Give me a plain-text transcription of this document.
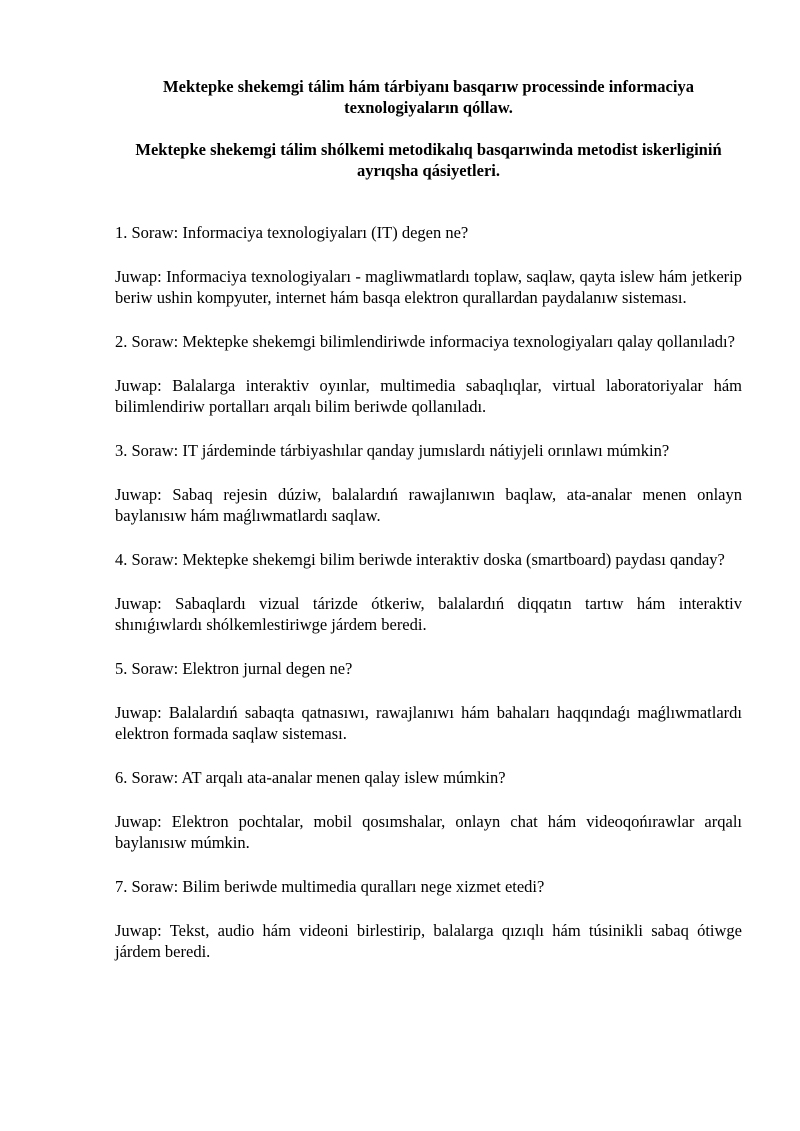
Mektepke shekemgi tálim hám tárbiyanı basqarıw processinde informaciya texnologiyaların qóllaw.

Mektepke shekemgi tálim shólkemi metodikalıq basqarıwinda metodist iskerliginiń ayrıqsha qásiyetleri.

1. Soraw: Informaciya texnologiyaları (IT) degen ne?

Juwap: Informaciya texnologiyaları - magliwmatlardı toplaw, saqlaw, qayta islew hám jetkerip beriw ushin kompyuter, internet hám basqa elektron qurallardan paydalanıw sisteması.

2. Soraw: Mektepke shekemgi bilimlendiriwde informaciya texnologiyaları qalay qollanıladı?

Juwap: Balalarga interaktiv oyınlar, multimedia sabaqlıqlar, virtual laboratoriyalar hám bilimlendiriw portalları arqalı bilim beriwde qollanıladı.

3. Soraw: IT járdeminde tárbiyashılar qanday jumıslardı nátiyjeli orınlawı múmkin?

Juwap: Sabaq rejesin dúziw, balalardıń rawajlanıwın baqlaw, ata-analar menen onlayn baylanısıw hám maǵlıwmatlardı saqlaw.

4. Soraw: Mektepke shekemgi bilim beriwde interaktiv doska (smartboard) paydası qanday?

Juwap: Sabaqlardı vizual tárizde ótkeriw, balalardıń diqqatın tartıw hám interaktiv shınıǵıwlardı shólkemlestiriwge járdem beredi.

5. Soraw: Elektron jurnal degen ne?

Juwap: Balalardıń sabaqta qatnasıwı, rawajlanıwı hám bahaları haqqındaǵı maǵlıwmatlardı elektron formada saqlaw sisteması.

6. Soraw: AT arqalı ata-analar menen qalay islew múmkin?

Juwap: Elektron pochtalar, mobil qosımshalar, onlayn chat hám videoqońırawlar arqalı baylanısıw múmkin.

7. Soraw: Bilim beriwde multimedia quralları nege xizmet etedi?

Juwap: Tekst, audio hám videoni birlestirip, balalarga qızıqlı hám túsinikli sabaq ótiwge járdem beredi.
